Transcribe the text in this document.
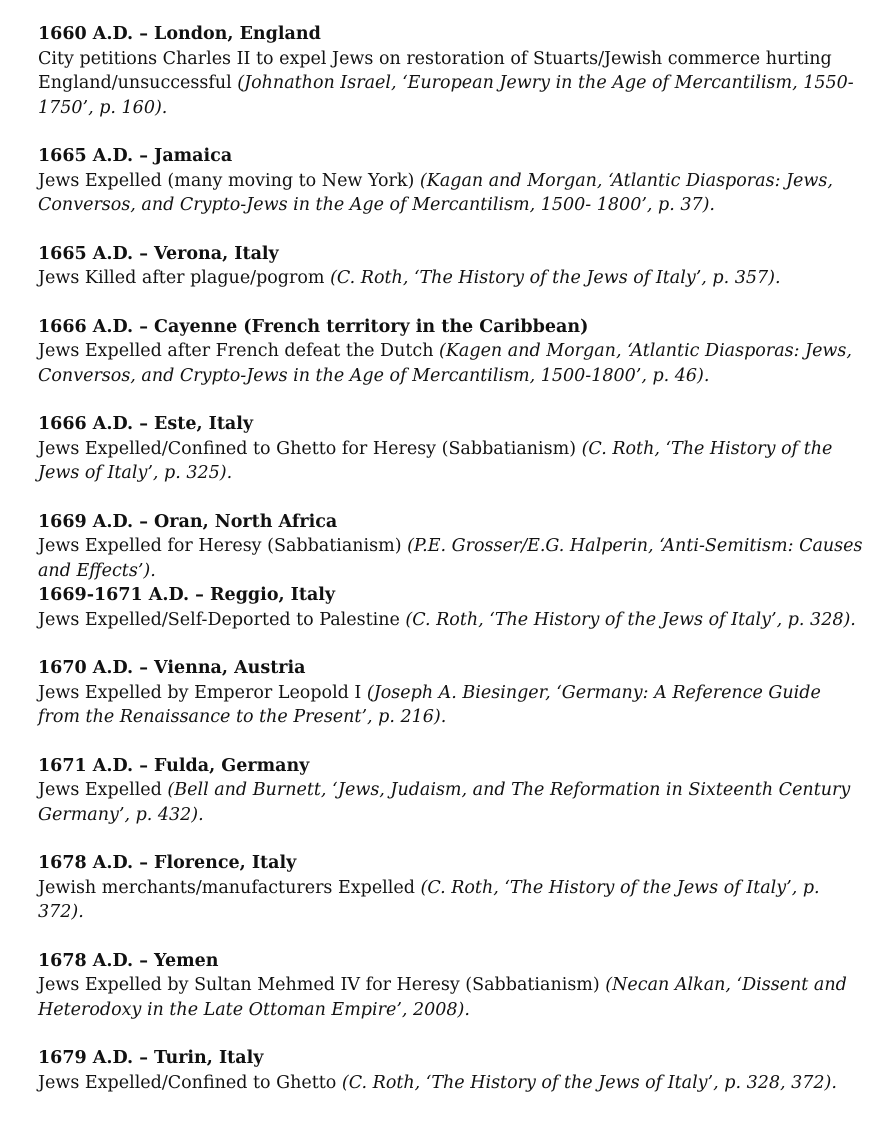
1660 A.D. – London, England

City petitions Charles II to expel Jews on restoration of Stuarts/Jewish commerce hurting England/unsuccessful (Johnathon Israel, ‘European Jewry in the Age of Mercantilism, 1550-1750’, p. 160).

1665 A.D. – Jamaica

Jews Expelled (many moving to New York) (Kagan and Morgan, ‘Atlantic Diasporas: Jews, Conversos, and Crypto-Jews in the Age of Mercantilism, 1500- 1800’, p. 37).

1665 A.D. – Verona, Italy

Jews Killed after plague/pogrom (C. Roth, ‘The History of the Jews of Italy’, p. 357).

1666 A.D. – Cayenne (French territory in the Caribbean)

Jews Expelled after French defeat the Dutch (Kagen and Morgan, ‘Atlantic Diasporas: Jews, Conversos, and Crypto-Jews in the Age of Mercantilism, 1500-1800’, p. 46).

1666 A.D. – Este, Italy

Jews Expelled/Confined to Ghetto for Heresy (Sabbatianism) (C. Roth, ‘The History of the Jews of Italy’, p. 325).

1669 A.D. – Oran, North Africa

Jews Expelled for Heresy (Sabbatianism) (P.E. Grosser/E.G. Halperin, ‘Anti-Semitism: Causes and Effects’).

1669-1671 A.D. – Reggio, Italy

Jews Expelled/Self-Deported to Palestine (C. Roth, ‘The History of the Jews of Italy’, p. 328).

1670 A.D. – Vienna, Austria

Jews Expelled by Emperor Leopold I (Joseph A. Biesinger, ‘Germany: A Reference Guide from the Renaissance to the Present’, p. 216).

1671 A.D. – Fulda, Germany

Jews Expelled (Bell and Burnett, ‘Jews, Judaism, and The Reformation in Sixteenth Century Germany’, p. 432).

1678 A.D. – Florence, Italy

Jewish merchants/manufacturers Expelled (C. Roth, ‘The History of the Jews of Italy’, p. 372).

1678 A.D. – Yemen

Jews Expelled by Sultan Mehmed IV for Heresy (Sabbatianism) (Necan Alkan, ‘Dissent and Heterodoxy in the Late Ottoman Empire’, 2008).

1679 A.D. – Turin, Italy

Jews Expelled/Confined to Ghetto (C. Roth, ‘The History of the Jews of Italy’, p. 328, 372).
